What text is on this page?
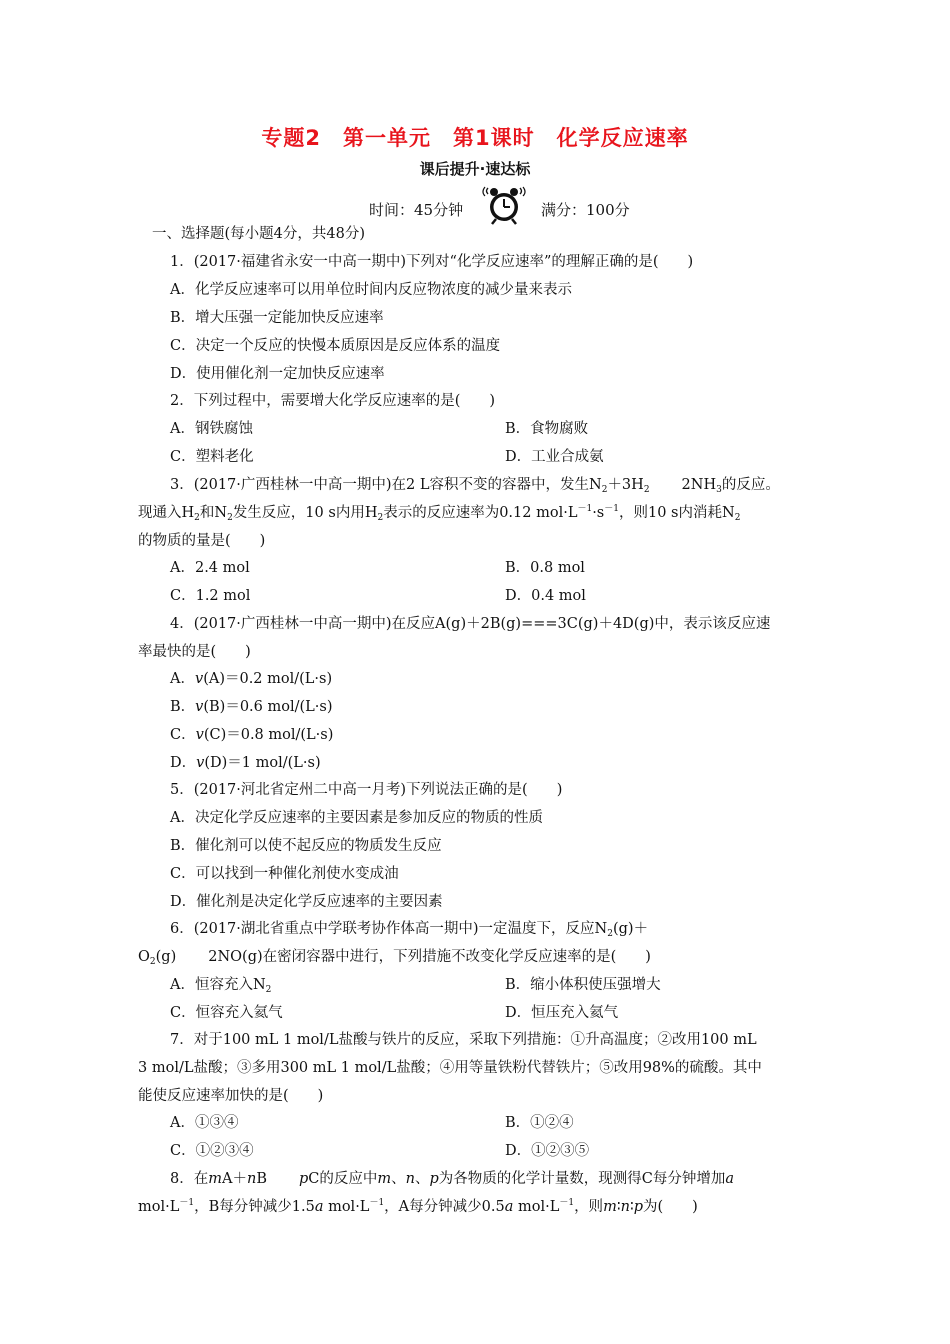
专题2　第一单元　第1课时　化学反应速率
课后提升·速达标
时间：45分钟	满分：100分
一、选择题(每小题4分，共48分)
1．(2017·福建省永安一中高一期中)下列对“化学反应速率”的理解正确的是(　　)
A．化学反应速率可以用单位时间内反应物浓度的减少量来表示
B．增大压强一定能加快反应速率
C．决定一个反应的快慢本质原因是反应体系的温度
D．使用催化剂一定加快反应速率
2．下列过程中，需要增大化学反应速率的是(　　)
A．钢铁腐蚀	B．食物腐败
C．塑料老化	D．工业合成氨
3．(2017·广西桂林一中高一期中)在2 L容积不变的容器中，发生$N_2+3H_2$ $2NH_3$的反应。
现通入$H_2$和$N_2$发生反应，10 s内用$H_2$表示的反应速率为0.12 $mol\cdot L^{-1}\cdot s^{-1}$，则10 s内消耗$N_2$
的物质的量是(　　)
A．2.4 mol	B．0.8 mol
C．1.2 mol	D．0.4 mol
4．(2017·广西桂林一中高一期中)在反应A(g)＋2B(g)===3C(g)＋4D(g)中，表示该反应速
率最快的是(　　)
A．v(A)＝0.2 mol/(L·s)
B．v(B)＝0.6 mol/(L·s)
C．v(C)＝0.8 mol/(L·s)
D．v(D)＝1 mol/(L·s)
5．(2017·河北省定州二中高一月考)下列说法正确的是(　　)
A．决定化学反应速率的主要因素是参加反应的物质的性质
B．催化剂可以使不起反应的物质发生反应
C．可以找到一种催化剂使水变成油
D．催化剂是决定化学反应速率的主要因素
6．(2017·湖北省重点中学联考协作体高一期中)一定温度下，反应$N_2(g)+$
$O_2(g)$ 2NO(g)在密闭容器中进行，下列措施不改变化学反应速率的是(　　)
A．恒容充入$N_2$	B．缩小体积使压强增大
C．恒容充入氦气	D．恒压充入氦气
7．对于100 mL 1 mol/L盐酸与铁片的反应，采取下列措施：①升高温度；②改用100 mL
3 mol/L盐酸；③多用300 mL 1 mol/L盐酸；④用等量铁粉代替铁片；⑤改用98%的硫酸。其中
能使反应速率加快的是(　　)
A．①③④	B．①②④
C．①②③④	D．①②③⑤
8．在mA＋nB pC的反应中m、n、p为各物质的化学计量数，现测得C每分钟增加a
$mol\cdot L^{-1}$，B每分钟减少1.5a $mol\cdot L^{-1}$，A每分钟减少0.5a $mol\cdot L^{-1}$，则m∶n∶p为(　　)
